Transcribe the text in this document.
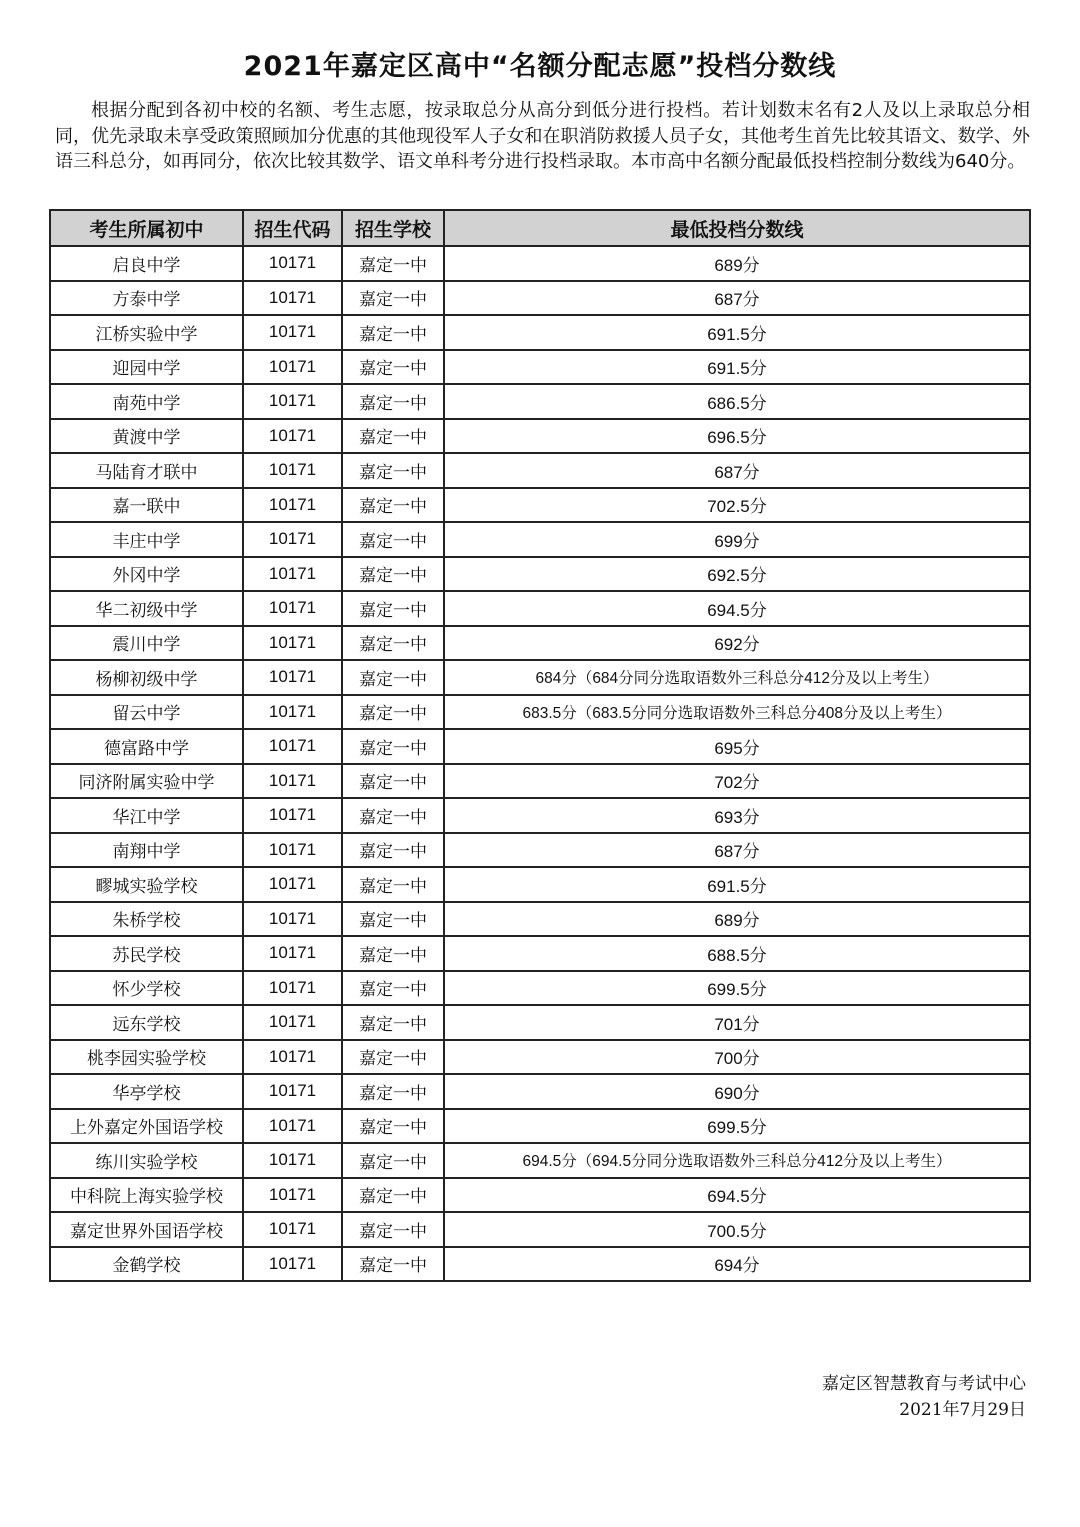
2021年嘉定区高中“名额分配志愿”投档分数线
根据分配到各初中校的名额、考生志愿，按录取总分从高分到低分进行投档。若计划数末名有2人及以上录取总分相同，优先录取未享受政策照顾加分优惠的其他现役军人子女和在职消防救援人员子女，其他考生首先比较其语文、数学、外语三科总分，如再同分，依次比较其数学、语文单科考分进行投档录取。本市高中名额分配最低投档控制分数线为640分。
考生所属初中	招生代码	招生学校	最低投档分数线
启良中学	10171	嘉定一中	689分
方泰中学	10171	嘉定一中	687分
江桥实验中学	10171	嘉定一中	691.5分
迎园中学	10171	嘉定一中	691.5分
南苑中学	10171	嘉定一中	686.5分
黄渡中学	10171	嘉定一中	696.5分
马陆育才联中	10171	嘉定一中	687分
嘉一联中	10171	嘉定一中	702.5分
丰庄中学	10171	嘉定一中	699分
外冈中学	10171	嘉定一中	692.5分
华二初级中学	10171	嘉定一中	694.5分
震川中学	10171	嘉定一中	692分
杨柳初级中学	10171	嘉定一中	684分（684分同分选取语数外三科总分412分及以上考生）
留云中学	10171	嘉定一中	683.5分（683.5分同分选取语数外三科总分408分及以上考生）
德富路中学	10171	嘉定一中	695分
同济附属实验中学	10171	嘉定一中	702分
华江中学	10171	嘉定一中	693分
南翔中学	10171	嘉定一中	687分
疁城实验学校	10171	嘉定一中	691.5分
朱桥学校	10171	嘉定一中	689分
苏民学校	10171	嘉定一中	688.5分
怀少学校	10171	嘉定一中	699.5分
远东学校	10171	嘉定一中	701分
桃李园实验学校	10171	嘉定一中	700分
华亭学校	10171	嘉定一中	690分
上外嘉定外国语学校	10171	嘉定一中	699.5分
练川实验学校	10171	嘉定一中	694.5分（694.5分同分选取语数外三科总分412分及以上考生）
中科院上海实验学校	10171	嘉定一中	694.5分
嘉定世界外国语学校	10171	嘉定一中	700.5分
金鹤学校	10171	嘉定一中	694分
嘉定区智慧教育与考试中心
2021年7月29日
